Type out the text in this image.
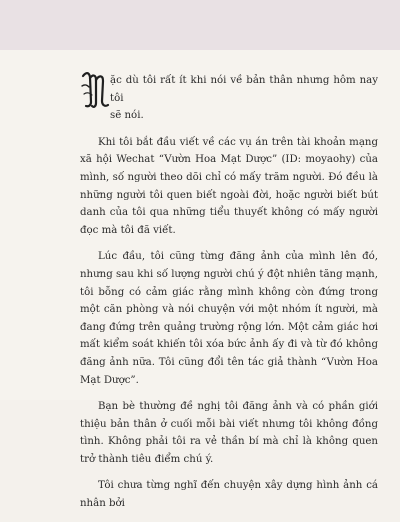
ặc dù tôi rất ít khi nói về bản thân nhưng hôm nay tôi
sẽ nói.

Khi tôi bắt đầu viết về các vụ án trên tài khoản mạng xã hội Wechat “Vườn Hoa Mạt Dược” (ID: moyaohy) của mình, số người theo dõi chỉ có mấy trăm người. Đó đều là những người tôi quen biết ngoài đời, hoặc người biết bút danh của tôi qua những tiểu thuyết không có mấy người đọc mà tôi đã viết.

Lúc đầu, tôi cũng từng đăng ảnh của mình lên đó, nhưng sau khi số lượng người chú ý đột nhiên tăng mạnh, tôi bỗng có cảm giác rằng mình không còn đứng trong một căn phòng và nói chuyện với một nhóm ít người, mà đang đứng trên quảng trường rộng lớn. Một cảm giác hơi mất kiểm soát khiến tôi xóa bức ảnh ấy đi và từ đó không đăng ảnh nữa. Tôi cũng đổi tên tác giả thành “Vườn Hoa Mạt Dược”.

Bạn bè thường đề nghị tôi đăng ảnh và có phần giới thiệu bản thân ở cuối mỗi bài viết nhưng tôi không đồng tình. Không phải tôi ra vẻ thần bí mà chỉ là không quen trở thành tiêu điểm chú ý.

Tôi chưa từng nghĩ đến chuyện xây dựng hình ảnh cá nhân bởi
